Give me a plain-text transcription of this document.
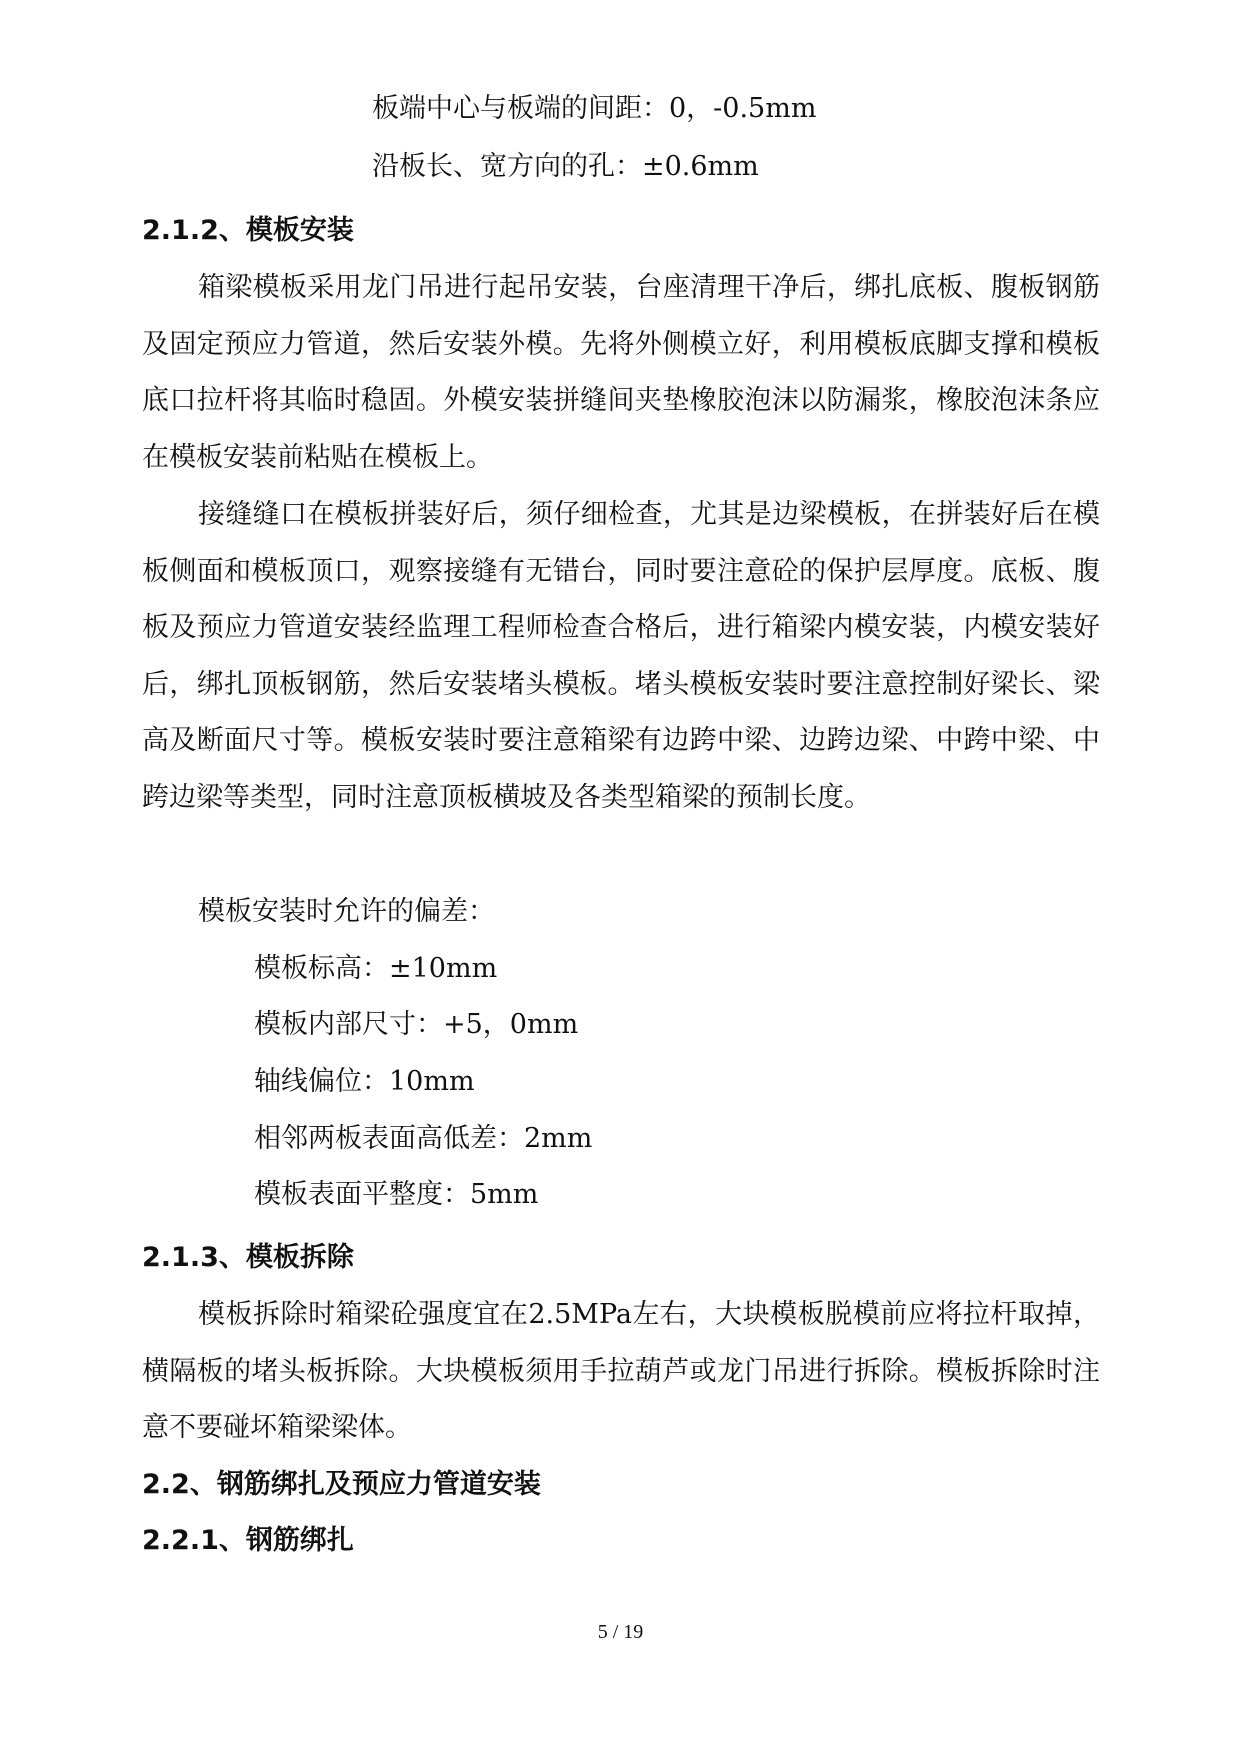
板端中心与板端的间距：0，-0.5mm
沿板长、宽方向的孔：±0.6mm
2.1.2、模板安装
箱梁模板采用龙门吊进行起吊安装，台座清理干净后，绑扎底板、腹板钢筋及固定预应力管道，然后安装外模。先将外侧模立好，利用模板底脚支撑和模板底口拉杆将其临时稳固。外模安装拼缝间夹垫橡胶泡沫以防漏浆，橡胶泡沫条应在模板安装前粘贴在模板上。
接缝缝口在模板拼装好后，须仔细检查，尤其是边梁模板，在拼装好后在模板侧面和模板顶口，观察接缝有无错台，同时要注意砼的保护层厚度。底板、腹板及预应力管道安装经监理工程师检查合格后，进行箱梁内模安装，内模安装好后，绑扎顶板钢筋，然后安装堵头模板。堵头模板安装时要注意控制好梁长、梁高及断面尺寸等。模板安装时要注意箱梁有边跨中梁、边跨边梁、中跨中梁、中跨边梁等类型，同时注意顶板横坡及各类型箱梁的预制长度。
模板安装时允许的偏差：
模板标高：±10mm
模板内部尺寸：+5，0mm
轴线偏位：10mm
相邻两板表面高低差：2mm
模板表面平整度：5mm
2.1.3、模板拆除
模板拆除时箱梁砼强度宜在2.5MPa左右，大块模板脱模前应将拉杆取掉，横隔板的堵头板拆除。大块模板须用手拉葫芦或龙门吊进行拆除。模板拆除时注意不要碰坏箱梁梁体。
2.2、钢筋绑扎及预应力管道安装
2.2.1、钢筋绑扎
5 / 19
